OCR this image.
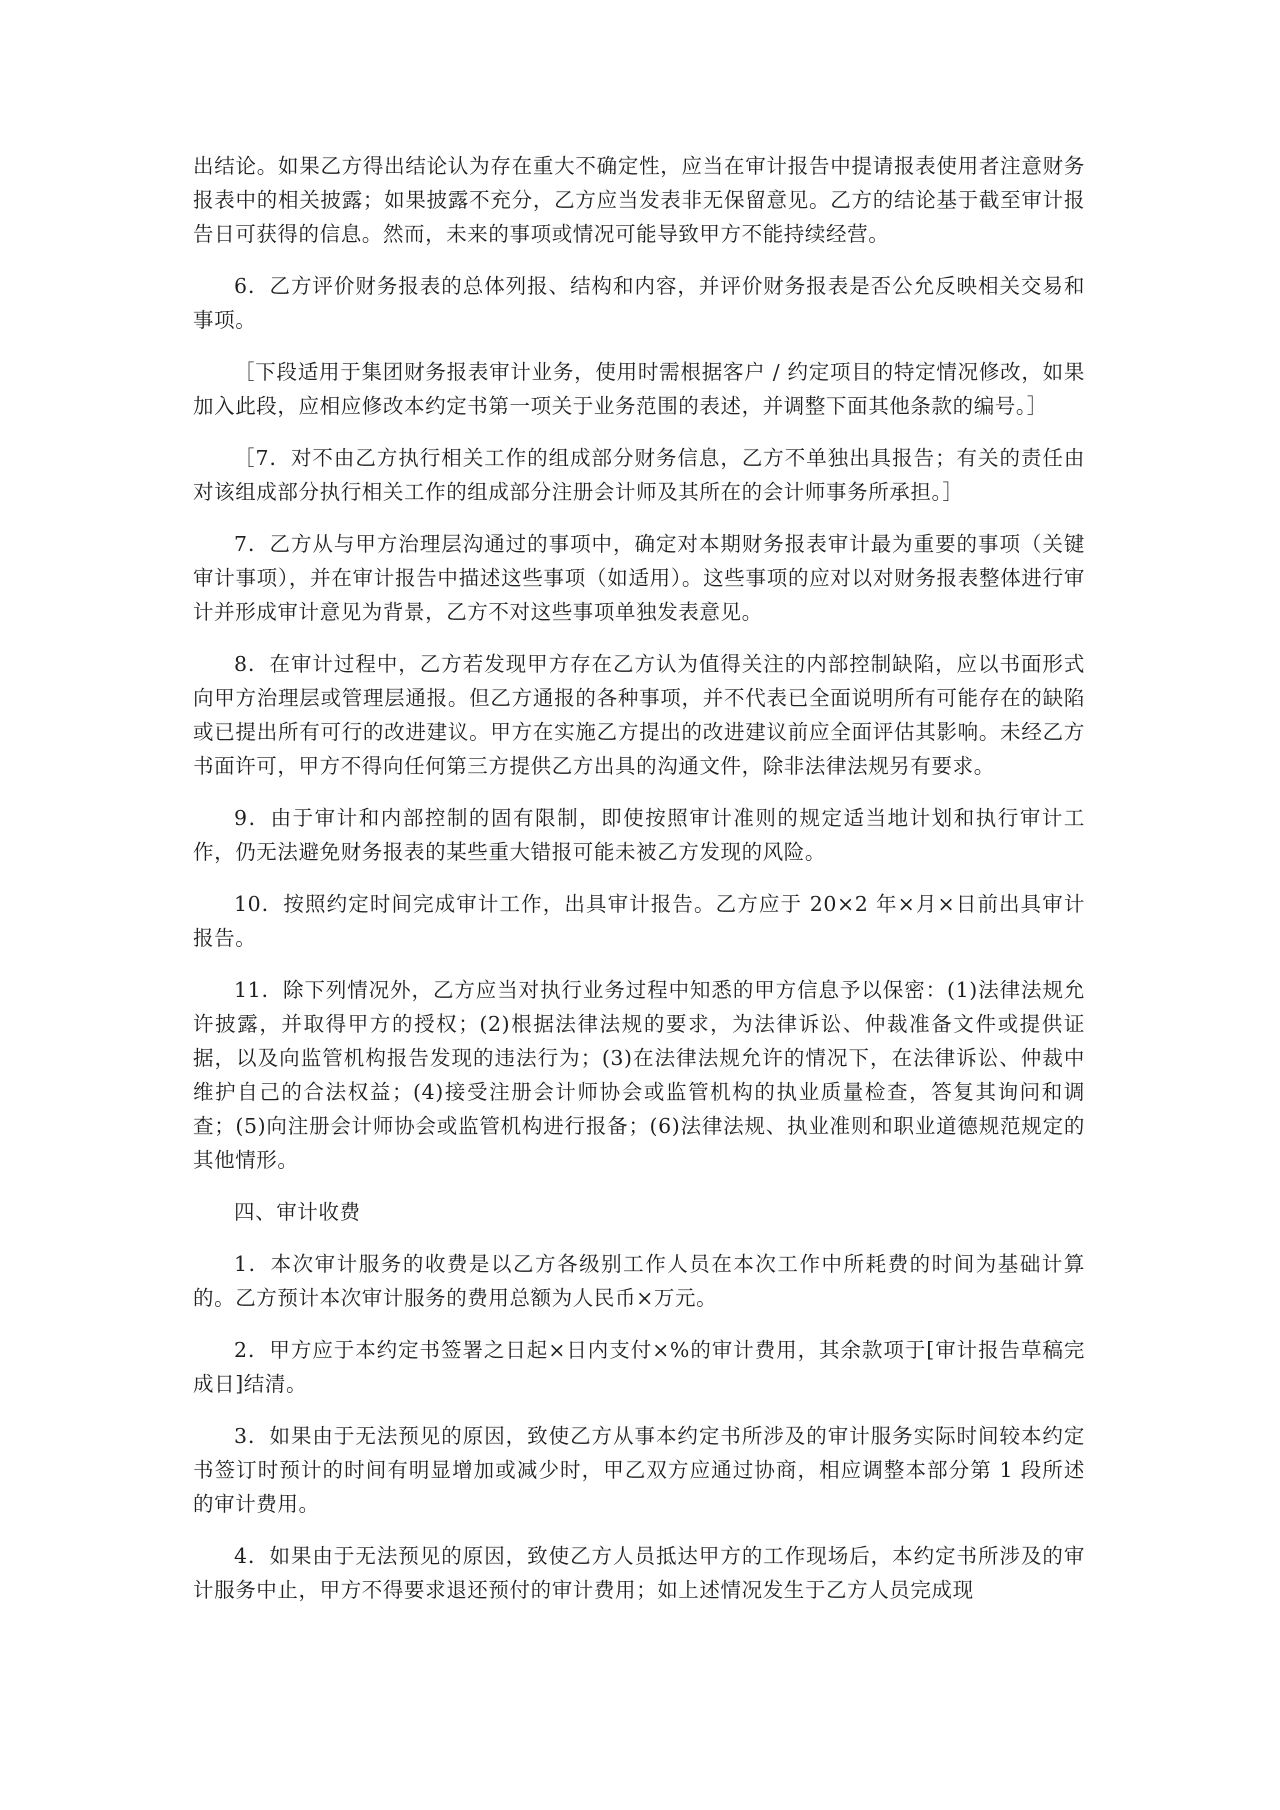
出结论。如果乙方得出结论认为存在重大不确定性，应当在审计报告中提请报表使用者注意财务报表中的相关披露；如果披露不充分，乙方应当发表非无保留意见。乙方的结论基于截至审计报告日可获得的信息。然而，未来的事项或情况可能导致甲方不能持续经营。

6．乙方评价财务报表的总体列报、结构和内容，并评价财务报表是否公允反映相关交易和事项。

［下段适用于集团财务报表审计业务，使用时需根据客户 / 约定项目的特定情况修改，如果加入此段，应相应修改本约定书第一项关于业务范围的表述，并调整下面其他条款的编号。］

［7．对不由乙方执行相关工作的组成部分财务信息，乙方不单独出具报告；有关的责任由对该组成部分执行相关工作的组成部分注册会计师及其所在的会计师事务所承担。］

7．乙方从与甲方治理层沟通过的事项中，确定对本期财务报表审计最为重要的事项（关键审计事项），并在审计报告中描述这些事项（如适用）。这些事项的应对以对财务报表整体进行审计并形成审计意见为背景，乙方不对这些事项单独发表意见。

8．在审计过程中，乙方若发现甲方存在乙方认为值得关注的内部控制缺陷，应以书面形式向甲方治理层或管理层通报。但乙方通报的各种事项，并不代表已全面说明所有可能存在的缺陷或已提出所有可行的改进建议。甲方在实施乙方提出的改进建议前应全面评估其影响。未经乙方书面许可，甲方不得向任何第三方提供乙方出具的沟通文件，除非法律法规另有要求。

9．由于审计和内部控制的固有限制，即使按照审计准则的规定适当地计划和执行审计工作，仍无法避免财务报表的某些重大错报可能未被乙方发现的风险。

10．按照约定时间完成审计工作，出具审计报告。乙方应于 20×2 年×月×日前出具审计报告。

11．除下列情况外，乙方应当对执行业务过程中知悉的甲方信息予以保密：(1)法律法规允许披露，并取得甲方的授权；(2)根据法律法规的要求，为法律诉讼、仲裁准备文件或提供证据，以及向监管机构报告发现的违法行为；(3)在法律法规允许的情况下，在法律诉讼、仲裁中维护自己的合法权益；(4)接受注册会计师协会或监管机构的执业质量检查，答复其询问和调查；(5)向注册会计师协会或监管机构进行报备；(6)法律法规、执业准则和职业道德规范规定的其他情形。

四、审计收费

1．本次审计服务的收费是以乙方各级别工作人员在本次工作中所耗费的时间为基础计算的。乙方预计本次审计服务的费用总额为人民币×万元。

2．甲方应于本约定书签署之日起×日内支付×%的审计费用，其余款项于[审计报告草稿完成日]结清。

3．如果由于无法预见的原因，致使乙方从事本约定书所涉及的审计服务实际时间较本约定书签订时预计的时间有明显增加或减少时，甲乙双方应通过协商，相应调整本部分第 1 段所述的审计费用。

4．如果由于无法预见的原因，致使乙方人员抵达甲方的工作现场后，本约定书所涉及的审计服务中止，甲方不得要求退还预付的审计费用；如上述情况发生于乙方人员完成现
